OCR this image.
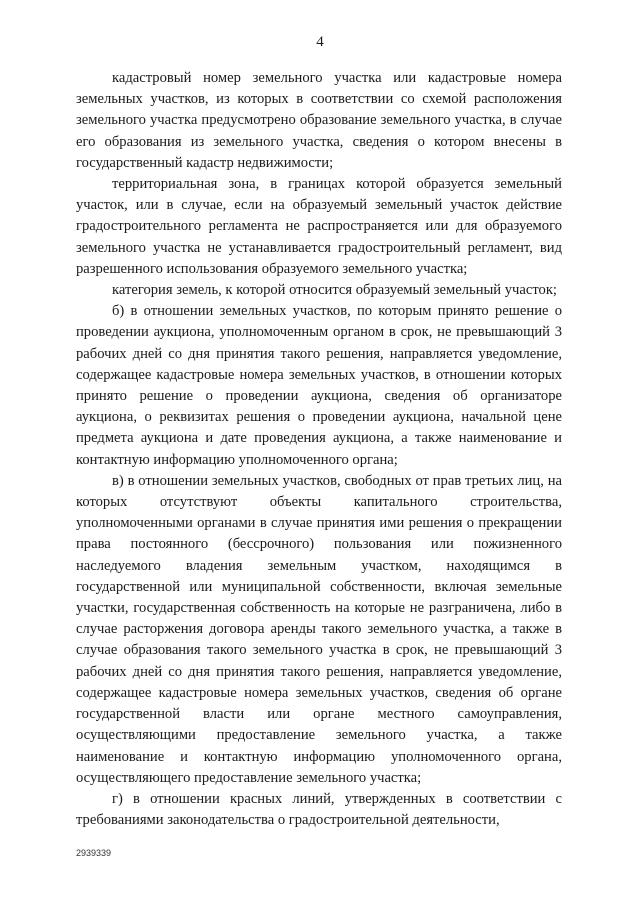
4

кадастровый номер земельного участка или кадастровые номера земельных участков, из которых в соответствии со схемой расположения земельного участка предусмотрено образование земельного участка, в случае его образования из земельного участка, сведения о котором внесены в государственный кадастр недвижимости;

территориальная зона, в границах которой образуется земельный участок, или в случае, если на образуемый земельный участок действие градостроительного регламента не распространяется или для образуемого земельного участка не устанавливается градостроительный регламент, вид разрешенного использования образуемого земельного участка;

категория земель, к которой относится образуемый земельный участок;

б) в отношении земельных участков, по которым принято решение о проведении аукциона, уполномоченным органом в срок, не превышающий 3 рабочих дней со дня принятия такого решения, направляется уведомление, содержащее кадастровые номера земельных участков, в отношении которых принято решение о проведении аукциона, сведения об организаторе аукциона, о реквизитах решения о проведении аукциона, начальной цене предмета аукциона и дате проведения аукциона, а также наименование и контактную информацию уполномоченного органа;

в) в отношении земельных участков, свободных от прав третьих лиц, на которых отсутствуют объекты капитального строительства, уполномоченными органами в случае принятия ими решения о прекращении права постоянного (бессрочного) пользования или пожизненного наследуемого владения земельным участком, находящимся в государственной или муниципальной собственности, включая земельные участки, государственная собственность на которые не разграничена, либо в случае расторжения договора аренды такого земельного участка, а также в случае образования такого земельного участка в срок, не превышающий 3 рабочих дней со дня принятия такого решения, направляется уведомление, содержащее кадастровые номера земельных участков, сведения об органе государственной власти или органе местного самоуправления, осуществляющими предоставление земельного участка, а также наименование и контактную информацию уполномоченного органа, осуществляющего предоставление земельного участка;

г) в отношении красных линий, утвержденных в соответствии с требованиями законодательства о градостроительной деятельности,

2939339
